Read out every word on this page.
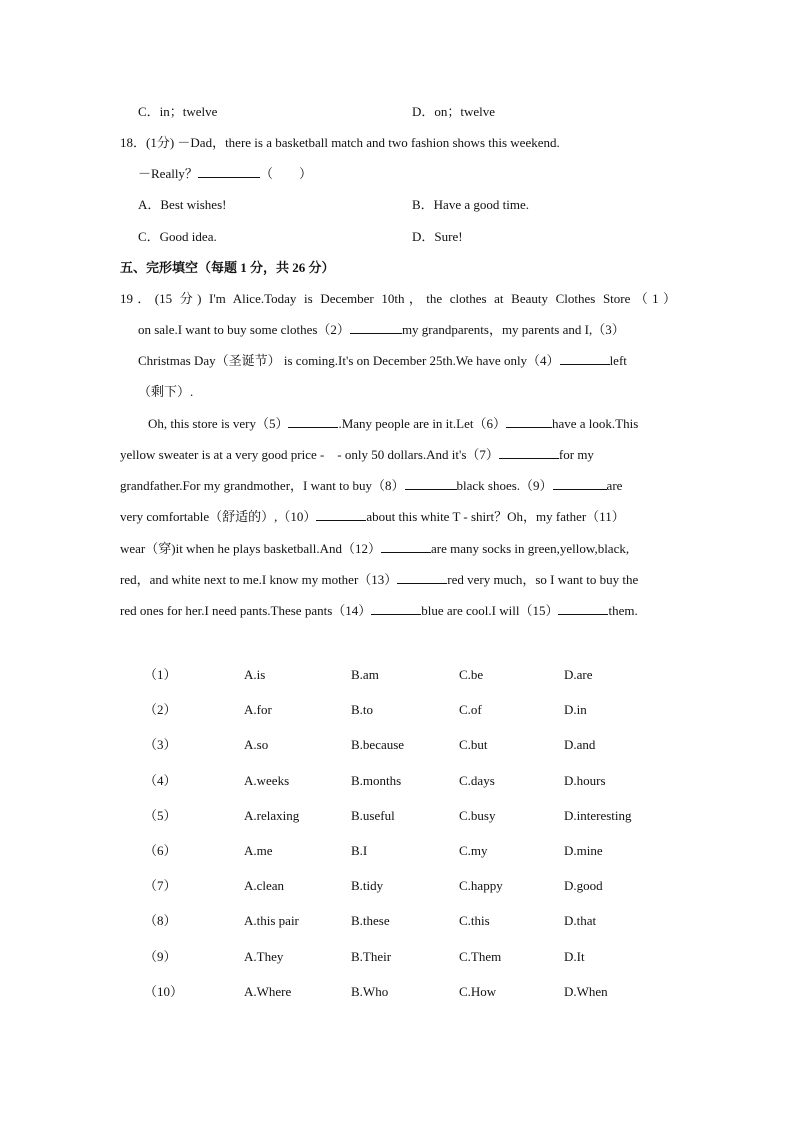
C．in；twelve	D．on；twelve
18．(1分) －Dad，there is a basketball match and two fashion shows this weekend.
－Really？	（　　）
A．Best wishes!	B．Have a good time.
C．Good idea.	D．Sure!
五、完形填空（每题 1 分，共 26 分）
19．(15 分) I'm Alice.Today is December 10th，the clothes at Beauty Clothes Store（1）
on sale.I want to buy some clothes（2）	my grandparents，my parents and I,（3）
Christmas Day（圣诞节） is coming.It's on December 25th.We have only（4）	left
（剩下）.
Oh, this store is very（5）	.Many people are in it.Let（6）	have a look.This
yellow sweater is at a very good price -　- only 50 dollars.And it's（7）	for my
grandfather.For my grandmother，I want to buy（8）	black shoes.（9）	are
very comfortable（舒适的）,（10）	about this white T - shirt？Oh，my father（11）
wear（穿)it when he plays basketball.And（12）	are many socks in green,yellow,black,
red，and white next to me.I know my mother（13）	red very much，so I want to buy the
red ones for her.I need pants.These pants（14）	blue are cool.I will（15）	them.
（1）	A.is	B.am	C.be	D.are
（2）	A.for	B.to	C.of	D.in
（3）	A.so	B.because	C.but	D.and
（4）	A.weeks	B.months	C.days	D.hours
（5）	A.relaxing	B.useful	C.busy	D.interesting
（6）	A.me	B.I	C.my	D.mine
（7）	A.clean	B.tidy	C.happy	D.good
（8）	A.this pair	B.these	C.this	D.that
（9）	A.They	B.Their	C.Them	D.It
（10）	A.Where	B.Who	C.How	D.When
